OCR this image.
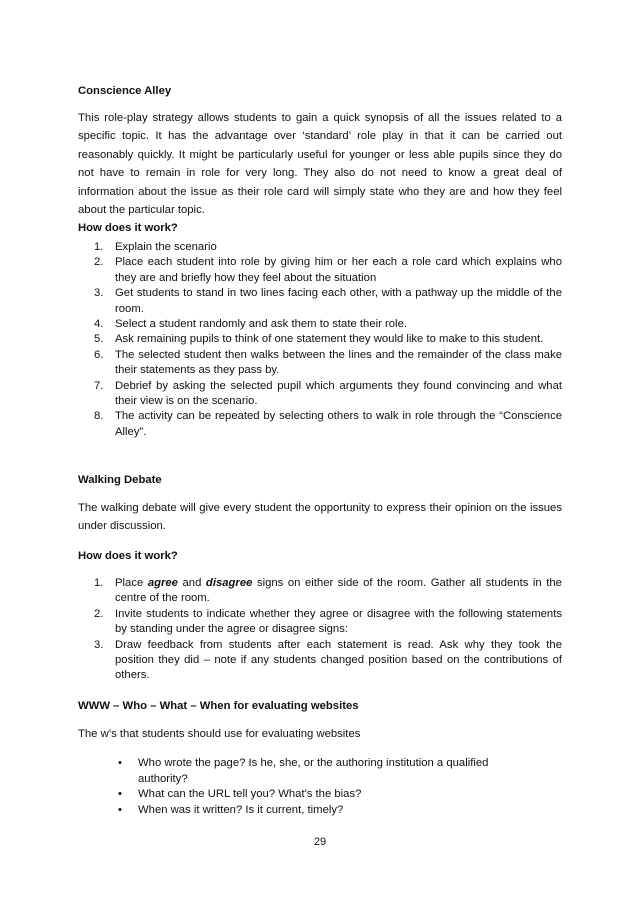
Conscience Alley
This role-play strategy allows students to gain a quick synopsis of all the issues related to a specific topic. It has the advantage over ‘standard’ role play in that it can be carried out reasonably quickly. It might be particularly useful for younger or less able pupils since they do not have to remain in role for very long. They also do not need to know a great deal of information about the issue as their role card will simply state who they are and how they feel about the particular topic.
How does it work?
1. Explain the scenario
2. Place each student into role by giving him or her each a role card which explains who they are and briefly how they feel about the situation
3. Get students to stand in two lines facing each other, with a pathway up the middle of the room.
4. Select a student randomly and ask them to state their role.
5. Ask remaining pupils to think of one statement they would like to make to this student.
6. The selected student then walks between the lines and the remainder of the class make their statements as they pass by.
7. Debrief by asking the selected pupil which arguments they found convincing and what their view is on the scenario.
8. The activity can be repeated by selecting others to walk in role through the “Conscience Alley”.
Walking Debate
The walking debate will give every student the opportunity to express their opinion on the issues under discussion.
How does it work?
1. Place agree and disagree signs on either side of the room. Gather all students in the centre of the room.
2. Invite students to indicate whether they agree or disagree with the following statements by standing under the agree or disagree signs:
3. Draw feedback from students after each statement is read. Ask why they took the position they did – note if any students changed position based on the contributions of others.
WWW – Who – What – When for evaluating websites
The w’s that students should use for evaluating websites
• Who wrote the page? Is he, she, or the authoring institution a qualified authority?
• What can the URL tell you? What's the bias?
• When was it written? Is it current, timely?
29
